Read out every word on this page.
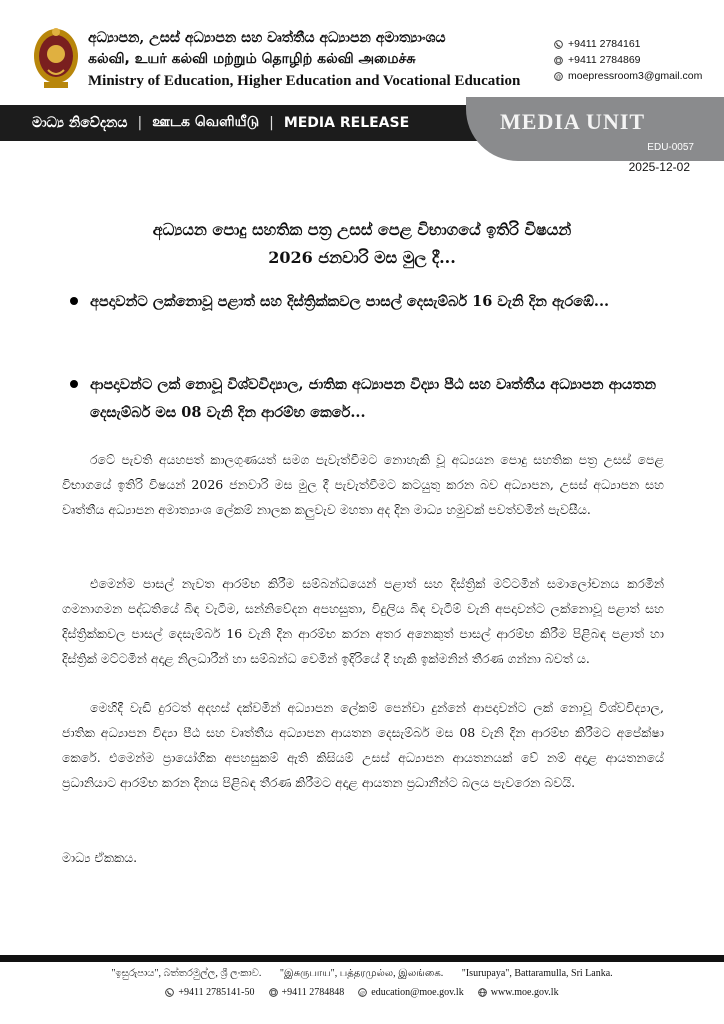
අධ්‍යාපන, උසස් අධ්‍යාපන සහ වෘත්තීය අධ්‍යාපන අමාත්‍යාංශය
கல்வி, உயர் கல்வி மற்றும் தொழிற் கல்வி அமைச்சு
Ministry of Education, Higher Education and Vocational Education
+9411 2784161
+9411 2784869
@ moepressroom3@gmail.com
මාධ්‍ය නිවේදනය | ஊடக வெளியீடு | MEDIA RELEASE	MEDIA UNIT
EDU-0057
2025-12-02
අධ්‍යයන පොදු සහතික පත්‍ර උසස් පෙළ විභාගයේ ඉතිරි විෂයන්
2026 ජනවාරි මස මුල දී...
අපදාවන්ට ලක්නොවූ පළාත් සහ දිස්ත්‍රික්කවල පාසල් දෙසැම්බර් 16 වැනි දින ඇරඹේ...
ආපදාවන්ට ලක් නොවූ විශ්වවිද්‍යාල, ජාතික අධ්‍යාපන විද්‍යා පීඨ සහ වෘත්තීය අධ්‍යාපන ආයතන දෙසැම්බර් මස 08 වැනි දින ආරම්භ කෙරේ...
රටේ පැවති අයහපත් කාලගුණයත් සමග පැවැත්වීමට නොහැකි වූ අධ්‍යයන පොදු සහතික පත්‍ර උසස් පෙළ විභාගයේ ඉතිරි විෂයන් 2026 ජනවාරි මස මුල දී පැවැත්වීමට කටයුතු කරන බව අධ්‍යාපන, උසස් අධ්‍යාපන සහ වෘත්තීය අධ්‍යාපන අමාත්‍යාංශ ලේකම් නාලක කලුවැව මහතා අද දින මාධ්‍ය හමුවක් පවත්වමින් පැවසීය.
එමෙන්ම පාසල් නැවත ආරම්භ කිරීම සම්බන්ධයෙන් පළාත් සහ දිස්ත්‍රික් මට්ටමින් සමාලෝචනය කරමින් ගමනාගමන පද්ධතියේ බිඳ වැටීම, සන්නිවේදන අපහසුතා, විදුලිය බිඳ වැටීම් වැනි අපදාවන්ට ලක්නොවූ පළාත් සහ දිස්ත්‍රික්කවල පාසල් දෙසැම්බර් 16 වැනි දින ආරම්භ කරන අතර අනෙකුත් පාසල් ආරම්භ කිරීම පිළිබඳ පළාත් හා දිස්ත්‍රික් මට්ටමින් අදාළ නිලධාරීන් හා සම්බන්ධ වෙමින් ඉදිරියේ දී හැකි ඉක්මනින් තීරණ ගන්නා බවත් ය.
මෙහිදී වැඩි දුරටත් අදහස් දක්වමින් අධ්‍යාපන ලේකම් පෙන්වා දුන්නේ ආපදාවන්ට ලක් නොවූ විශ්වවිද්‍යාල, ජාතික අධ්‍යාපන විද්‍යා පීඨ සහ වෘත්තීය අධ්‍යාපන ආයතන දෙසැම්බර් මස 08 වැනි දින ආරම්භ කිරීමට අපේක්ෂා කෙරේ. එමෙන්ම ප්‍රායෝගික අපහසුකම් ඇති කිසියම් උසස් අධ්‍යාපන ආයතනයක් වේ නම් අදාළ ආයතනයේ ප්‍රධානියාට ආරම්භ කරන දිනය පිළිබඳ තීරණ කිරීමට අදාළ ආයතන ප්‍රධානීන්ට බලය පැවරෙන බවයි.
මාධ්‍ය ඒකකය.
"ඉසුරුපාය", බත්තරමුල්ල, ශ්‍රී ලංකාව. "இசுருபாய", பத்தரமுல்ல, இலங்கை. "Isurupaya", Battaramulla, Sri Lanka.
+9411 2785141-50	+9411 2784848	@ education@moe.gov.lk	www.moe.gov.lk
